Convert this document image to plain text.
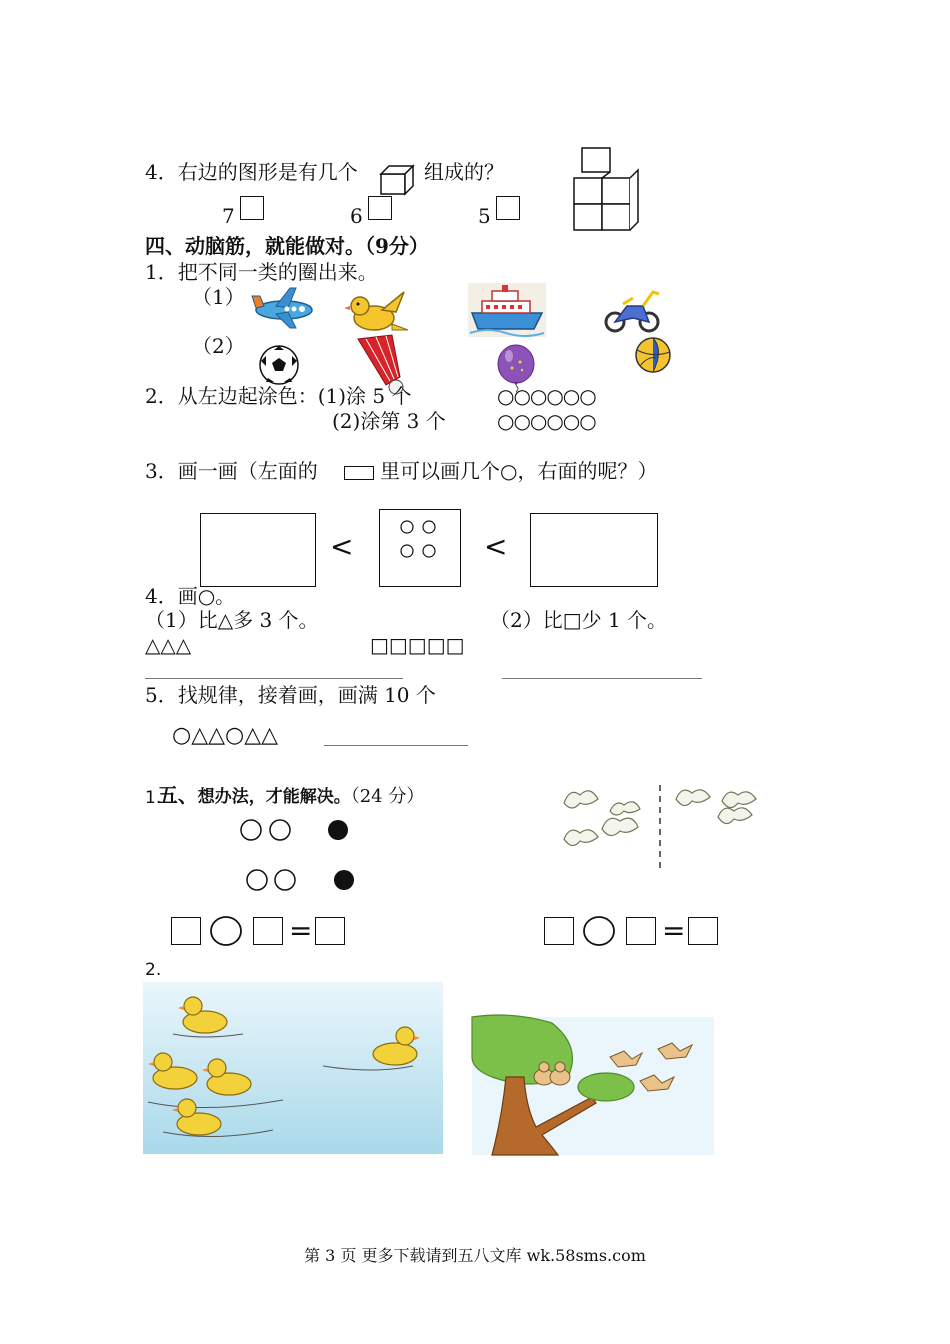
4．右边的图形是有几个	组成的？
7	6	5
四、动脑筋，就能做对。（9分）
1．把不同一类的圈出来。
（1）
（2）
2．从左边起涂色：(1)涂 5 个	○○○○○○
(2)涂第 3 个	○○○○○○
3．画一画（左面的	里可以画几个○，右面的呢？）
<	<
4．画○。
（1）比△多 3 个。	（2）比□少 1 个。
△△△	□□□□□
5．找规律，接着画，画满 10 个
○△△○△△

五、想办法，才能解决。（24 分）

1.
=	=
2.
第 3 页 更多下载请到五八文库 wk.58sms.com
